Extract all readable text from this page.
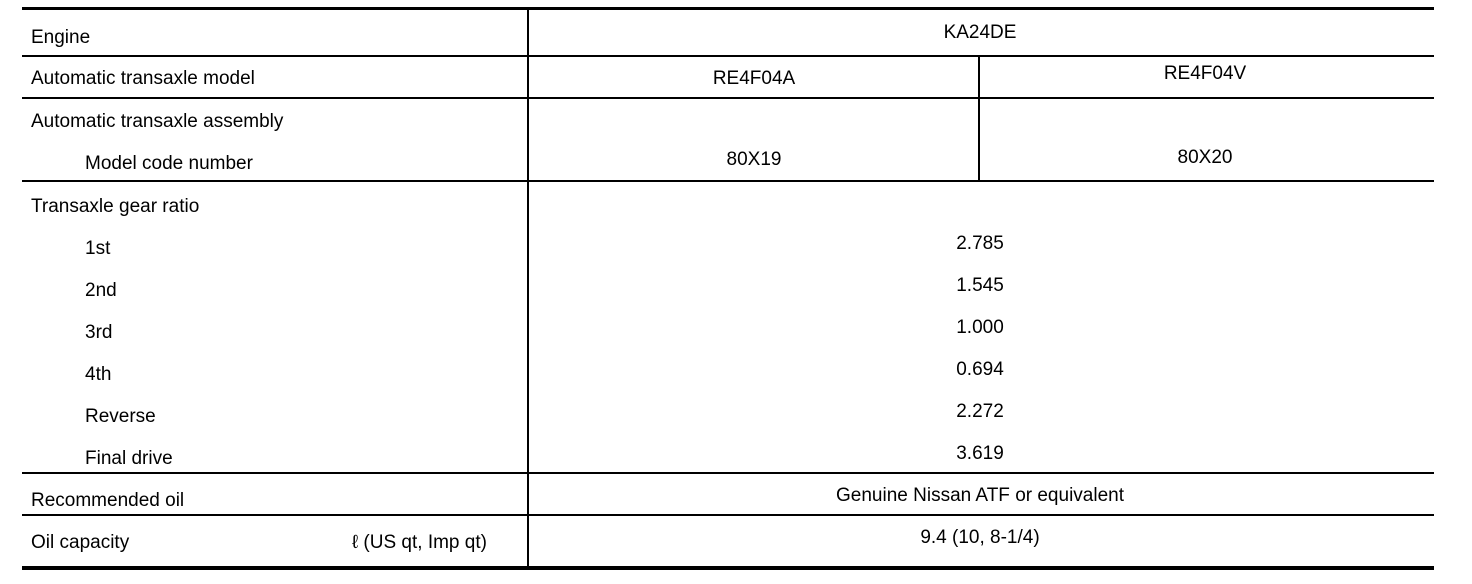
Engine	KA24DE
Automatic transaxle model	RE4F04A	RE4F04V
Automatic transaxle assembly
Model code number	80X19	80X20
Transaxle gear ratio
1st	2.785
2nd	1.545
3rd	1.000
4th	0.694
Reverse	2.272
Final drive	3.619
Recommended oil	Genuine Nissan ATF or equivalent
Oil capacity	ℓ (US qt, Imp qt)	9.4 (10, 8-1/4)
